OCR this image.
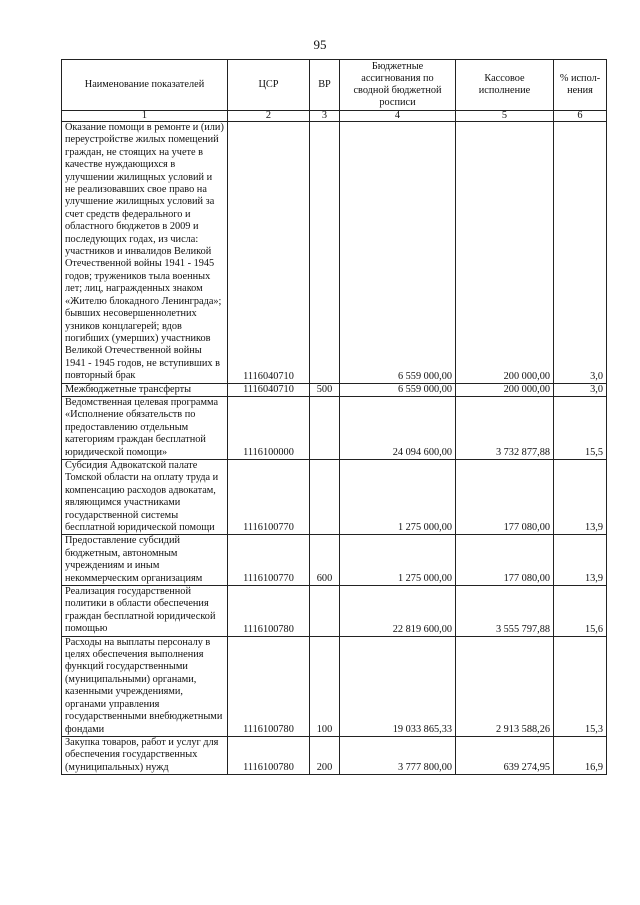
95
Наименование показателей	ЦСР	ВР	Бюджетные ассигнования по сводной бюджетной росписи	Кассовое исполнение	% испол-нения
1	2	3	4	5	6
Оказание помощи в ремонте и (или) переустройстве жилых помещений граждан, не стоящих на учете в качестве нуждающихся в улучшении жилищных условий и не реализовавших свое право на улучшение жилищных условий за счет средств федерального и областного бюджетов в 2009 и последующих годах, из числа: участников и инвалидов Великой Отечественной войны 1941 - 1945 годов; тружеников тыла военных лет; лиц, награжденных знаком «Жителю блокадного Ленинграда»; бывших несовершеннолетних узников концлагерей; вдов погибших (умерших) участников Великой Отечественной войны 1941 - 1945 годов, не вступивших в повторный брак	1116040710		6 559 000,00	200 000,00	3,0
Межбюджетные трансферты	1116040710	500	6 559 000,00	200 000,00	3,0
Ведомственная целевая программа «Исполнение обязательств по предоставлению отдельным категориям граждан бесплатной юридической помощи»	1116100000		24 094 600,00	3 732 877,88	15,5
Субсидия Адвокатской палате Томской области на оплату труда и компенсацию расходов адвокатам, являющимся участниками государственной системы бесплатной юридической помощи	1116100770		1 275 000,00	177 080,00	13,9
Предоставление субсидий бюджетным, автономным учреждениям и иным некоммерческим организациям	1116100770	600	1 275 000,00	177 080,00	13,9
Реализация государственной политики в области обеспечения граждан бесплатной юридической помощью	1116100780		22 819 600,00	3 555 797,88	15,6
Расходы на выплаты персоналу в целях обеспечения выполнения функций государственными (муниципальными) органами, казенными учреждениями, органами управления государственными внебюджетными фондами	1116100780	100	19 033 865,33	2 913 588,26	15,3
Закупка товаров, работ и услуг для обеспечения государственных (муниципальных) нужд	1116100780	200	3 777 800,00	639 274,95	16,9
